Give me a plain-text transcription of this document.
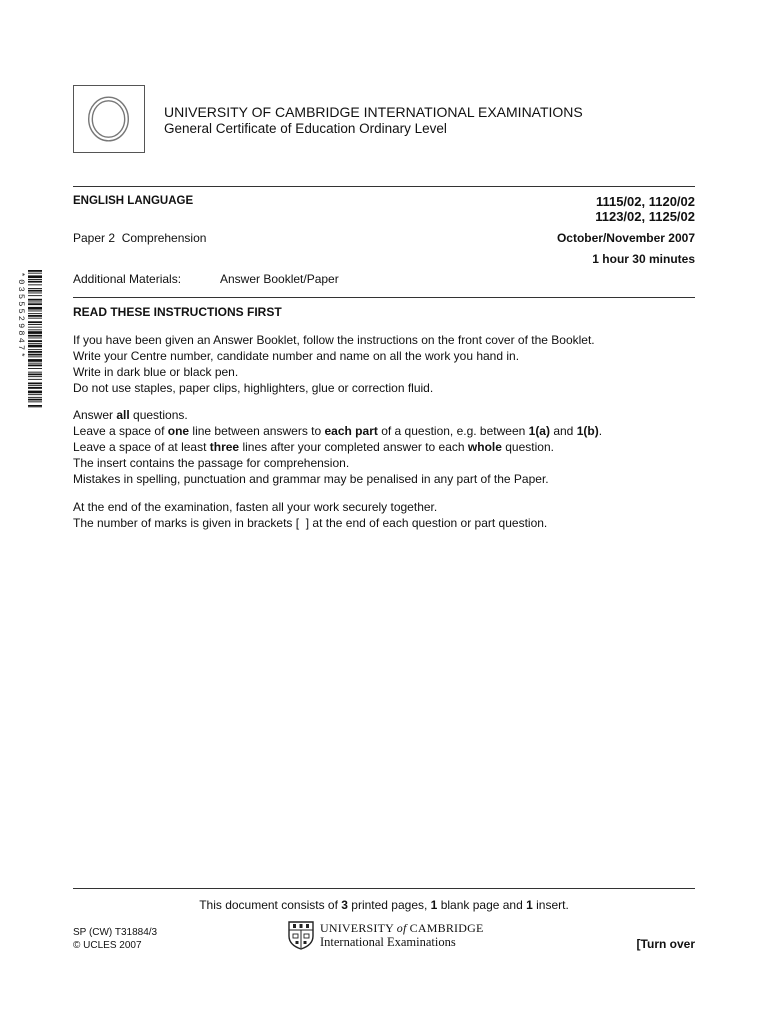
UNIVERSITY OF CAMBRIDGE INTERNATIONAL EXAMINATIONS
General Certificate of Education Ordinary Level
ENGLISH LANGUAGE	1115/02, 1120/02
1123/02, 1125/02
Paper 2  Comprehension	October/November 2007
1 hour 30 minutes
Additional Materials:	Answer Booklet/Paper
*0355529847*	READ THESE INSTRUCTIONS FIRST

If you have been given an Answer Booklet, follow the instructions on the front cover of the Booklet.

Write your Centre number, candidate number and name on all the work you hand in.

Write in dark blue or black pen.

Do not use staples, paper clips, highlighters, glue or correction fluid.

Answer all questions.

Leave a space of one line between answers to each part of a question, e.g. between 1(a) and 1(b).

Leave a space of at least three lines after your completed answer to each whole question.

The insert contains the passage for comprehension.

Mistakes in spelling, punctuation and grammar may be penalised in any part of the Paper.

At the end of the examination, fasten all your work securely together.

The number of marks is given in brackets [  ] at the end of each question or part question.

This document consists of 3 printed pages, 1 blank page and 1 insert.
SP (CW) T31884/3
© UCLES 2007
UNIVERSITY of CAMBRIDGE
International Examinations	[Turn over
